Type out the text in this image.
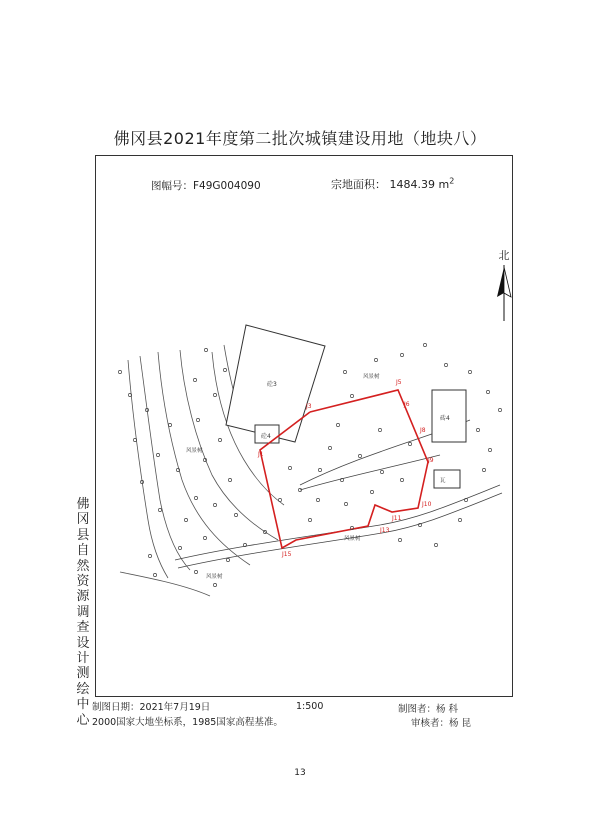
佛冈县2021年度第二批次城镇建设用地（地块八）
图幅号：F49G004090	宗地面积： 1484.39 $m^2$
北
佛
冈
县
自
然
资
源
调
查
设
计
测
绘
中
心
砼3
砼4
砖4
J5
J6
J8
J9
J10
J11
J13
J15
J1
J3
风景树
风景树
风景树
风景树
瓦
制图日期：2021年7月19日	1:500	制图者：杨 科
2000国家大地坐标系，1985国家高程基准。	审核者：杨 昆
13
